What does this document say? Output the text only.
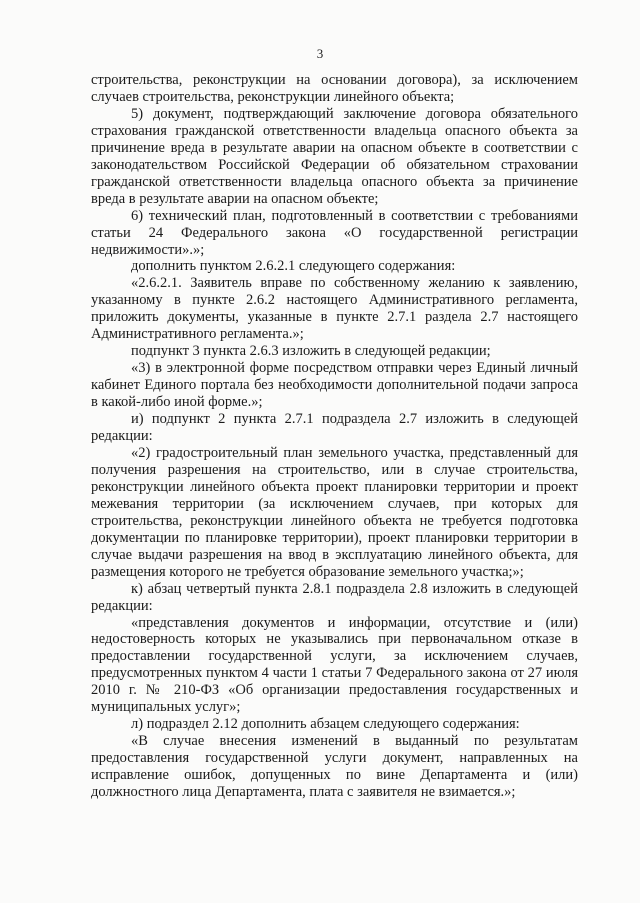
3

строительства, реконструкции на основании договора), за исключением случаев строительства, реконструкции линейного объекта;

5) документ, подтверждающий заключение договора обязательного страхования гражданской ответственности владельца опасного объекта за причинение вреда в результате аварии на опасном объекте в соответствии с законодательством Российской Федерации об обязательном страховании гражданской ответственности владельца опасного объекта за причинение вреда в результате аварии на опасном объекте;

6) технический план, подготовленный в соответствии с требованиями статьи 24 Федерального закона «О государственной регистрации недвижимости».»;

дополнить пунктом 2.6.2.1 следующего содержания:

«2.6.2.1. Заявитель вправе по собственному желанию к заявлению, указанному в пункте 2.6.2 настоящего Административного регламента, приложить документы, указанные в пункте 2.7.1 раздела 2.7 настоящего Административного регламента.»;

подпункт 3 пункта 2.6.3 изложить в следующей редакции;

«3) в электронной форме посредством отправки через Единый личный кабинет Единого портала без необходимости дополнительной подачи запроса в какой-либо иной форме.»;

и) подпункт 2 пункта 2.7.1 подраздела 2.7 изложить в следующей редакции:

«2) градостроительный план земельного участка, представленный для получения разрешения на строительство, или в случае строительства, реконструкции линейного объекта проект планировки территории и проект межевания территории (за исключением случаев, при которых для строительства, реконструкции линейного объекта не требуется подготовка документации по планировке территории), проект планировки территории в случае выдачи разрешения на ввод в эксплуатацию линейного объекта, для размещения которого не требуется образование земельного участка;»;

к) абзац четвертый пункта 2.8.1 подраздела 2.8 изложить в следующей редакции:

«представления документов и информации, отсутствие и (или) недостоверность которых не указывались при первоначальном отказе в предоставлении государственной услуги, за исключением случаев, предусмотренных пунктом 4 части 1 статьи 7 Федерального закона от 27 июля 2010 г. № 210-ФЗ «Об организации предоставления государственных и муниципальных услуг»;

л) подраздел 2.12 дополнить абзацем следующего содержания:

«В случае внесения изменений в выданный по результатам предоставления государственной услуги документ, направленных на исправление ошибок, допущенных по вине Департамента и (или) должностного лица Департамента, плата с заявителя не взимается.»;
